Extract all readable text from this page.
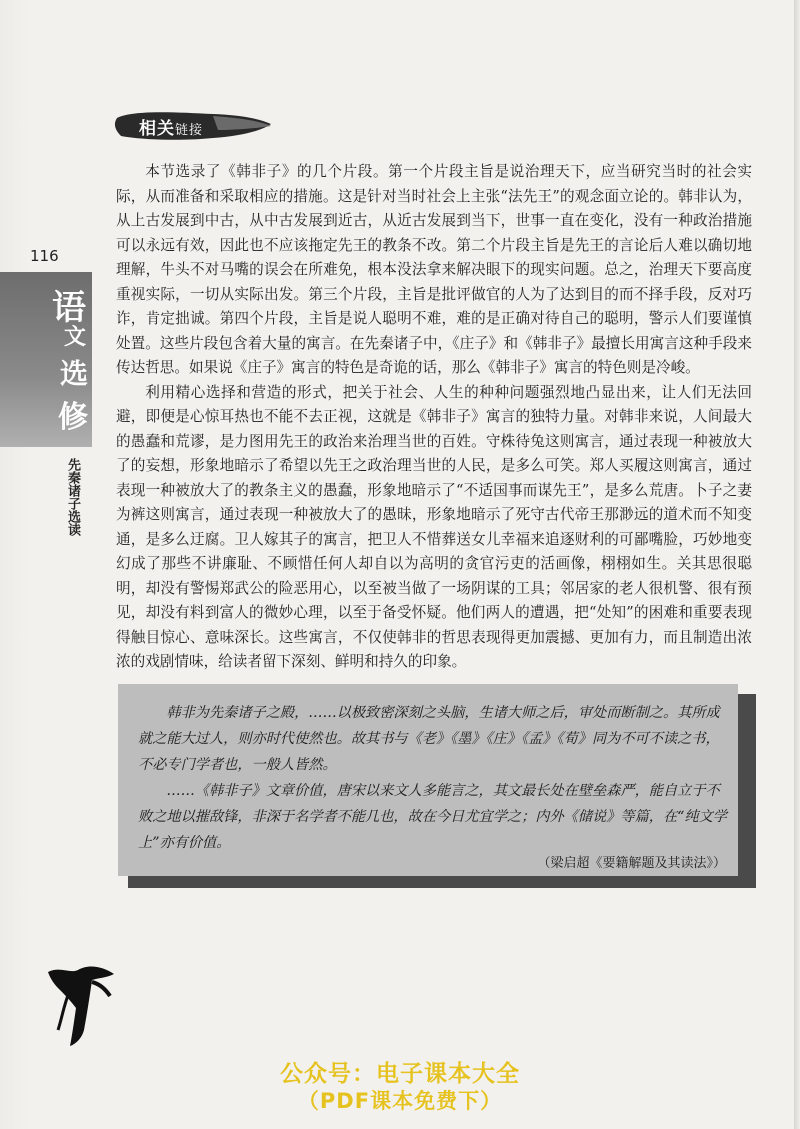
相关链接
116
语
文
选
修
先秦诸子选读

本节选录了《韩非子》的几个片段。第一个片段主旨是说治理天下，应当研究当时的社会实际，从而准备和采取相应的措施。这是针对当时社会上主张“法先王”的观念面立论的。韩非认为，从上古发展到中古，从中古发展到近古，从近古发展到当下，世事一直在变化，没有一种政治措施可以永远有效，因此也不应该拖定先王的教条不改。第二个片段主旨是先王的言论后人难以确切地理解，牛头不对马嘴的误会在所难免，根本没法拿来解决眼下的现实问题。总之，治理天下要高度重视实际，一切从实际出发。第三个片段，主旨是批评做官的人为了达到目的而不择手段，反对巧诈，肯定拙诚。第四个片段，主旨是说人聪明不难，难的是正确对待自己的聪明，警示人们要谨慎处置。这些片段包含着大量的寓言。在先秦诸子中，《庄子》和《韩非子》最擅长用寓言这种手段来传达哲思。如果说《庄子》寓言的特色是奇诡的话，那么《韩非子》寓言的特色则是冷峻。

利用精心选择和营造的形式，把关于社会、人生的种种问题强烈地凸显出来，让人们无法回避，即便是心惊耳热也不能不去正视，这就是《韩非子》寓言的独特力量。对韩非来说，人间最大的愚蠢和荒谬，是力图用先王的政治来治理当世的百姓。守株待兔这则寓言，通过表现一种被放大了的妄想，形象地暗示了希望以先王之政治理当世的人民，是多么可笑。郑人买履这则寓言，通过表现一种被放大了的教条主义的愚蠢，形象地暗示了“不适国事而谋先王”，是多么荒唐。卜子之妻为裤这则寓言，通过表现一种被放大了的愚昧，形象地暗示了死守古代帝王那渺远的道术而不知变通，是多么迂腐。卫人嫁其子的寓言，把卫人不惜葬送女儿幸福来追逐财利的可鄙嘴脸，巧妙地变幻成了那些不讲廉耻、不顾惜任何人却自以为高明的贪官污吏的活画像，栩栩如生。关其思很聪明，却没有警惕郑武公的险恶用心，以至被当做了一场阴谋的工具；邻居家的老人很机警、很有预见，却没有料到富人的微妙心理，以至于备受怀疑。他们两人的遭遇，把“处知”的困难和重要表现得触目惊心、意味深长。这些寓言，不仅使韩非的哲思表现得更加震撼、更加有力，而且制造出浓浓的戏剧情味，给读者留下深刻、鲜明和持久的印象。

韩非为先秦诸子之殿，……以极致密深刻之头脑，生诸大师之后，审处而断制之。其所成就之能大过人，则亦时代使然也。故其书与《老》《墨》《庄》《孟》《荀》同为不可不读之书，不必专门学者也，一般人皆然。

……《韩非子》文章价值，唐宋以来文人多能言之，其文最长处在壁垒森严，能自立于不败之地以摧敌锋，非深于名学者不能几也，故在今日尤宜学之；内外《储说》等篇，在“纯文学上”亦有价值。

（梁启超《要籍解题及其读法》）
公众号：电子课本大全
（PDF课本免费下）
